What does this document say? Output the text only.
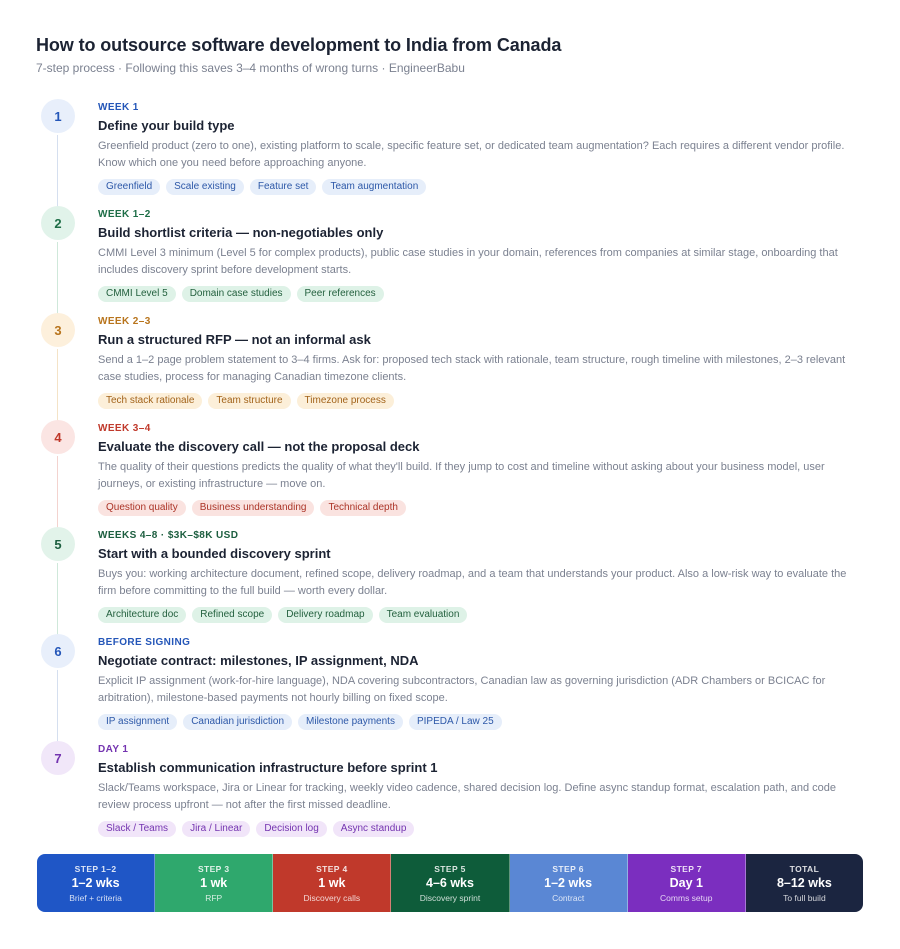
How to outsource software development to India from Canada
7-step process · Following this saves 3–4 months of wrong turns · EngineerBabu
1
WEEK 1
Define your build type
Greenfield product (zero to one), existing platform to scale, specific feature set, or dedicated team augmentation? Each requires a different vendor profile. Know which one you need before approaching anyone.
Greenfield	Scale existing	Feature set	Team augmentation
2
WEEK 1–2
Build shortlist criteria — non-negotiables only
CMMI Level 3 minimum (Level 5 for complex products), public case studies in your domain, references from companies at similar stage, onboarding that includes discovery sprint before development starts.
CMMI Level 5	Domain case studies	Peer references
3
WEEK 2–3
Run a structured RFP — not an informal ask
Send a 1–2 page problem statement to 3–4 firms. Ask for: proposed tech stack with rationale, team structure, rough timeline with milestones, 2–3 relevant case studies, process for managing Canadian timezone clients.
Tech stack rationale	Team structure	Timezone process
4
WEEK 3–4
Evaluate the discovery call — not the proposal deck
The quality of their questions predicts the quality of what they'll build. If they jump to cost and timeline without asking about your business model, user journeys, or existing infrastructure — move on.
Question quality	Business understanding	Technical depth
5
WEEKS 4–8 · $3K–$8K USD
Start with a bounded discovery sprint
Buys you: working architecture document, refined scope, delivery roadmap, and a team that understands your product. Also a low-risk way to evaluate the firm before committing to the full build — worth every dollar.
Architecture doc	Refined scope	Delivery roadmap	Team evaluation
6
BEFORE SIGNING
Negotiate contract: milestones, IP assignment, NDA
Explicit IP assignment (work-for-hire language), NDA covering subcontractors, Canadian law as governing jurisdiction (ADR Chambers or BCICAC for arbitration), milestone-based payments not hourly billing on fixed scope.
IP assignment	Canadian jurisdiction	Milestone payments	PIPEDA / Law 25
7
DAY 1
Establish communication infrastructure before sprint 1
Slack/Teams workspace, Jira or Linear for tracking, weekly video cadence, shared decision log. Define async standup format, escalation path, and code review process upfront — not after the first missed deadline.
Slack / Teams	Jira / Linear	Decision log	Async standup
STEP 1–2
1–2 wks
Brief + criteria
STEP 3
1 wk
RFP
STEP 4
1 wk
Discovery calls
STEP 5
4–6 wks
Discovery sprint
STEP 6
1–2 wks
Contract
STEP 7
Day 1
Comms setup
TOTAL
8–12 wks
To full build
